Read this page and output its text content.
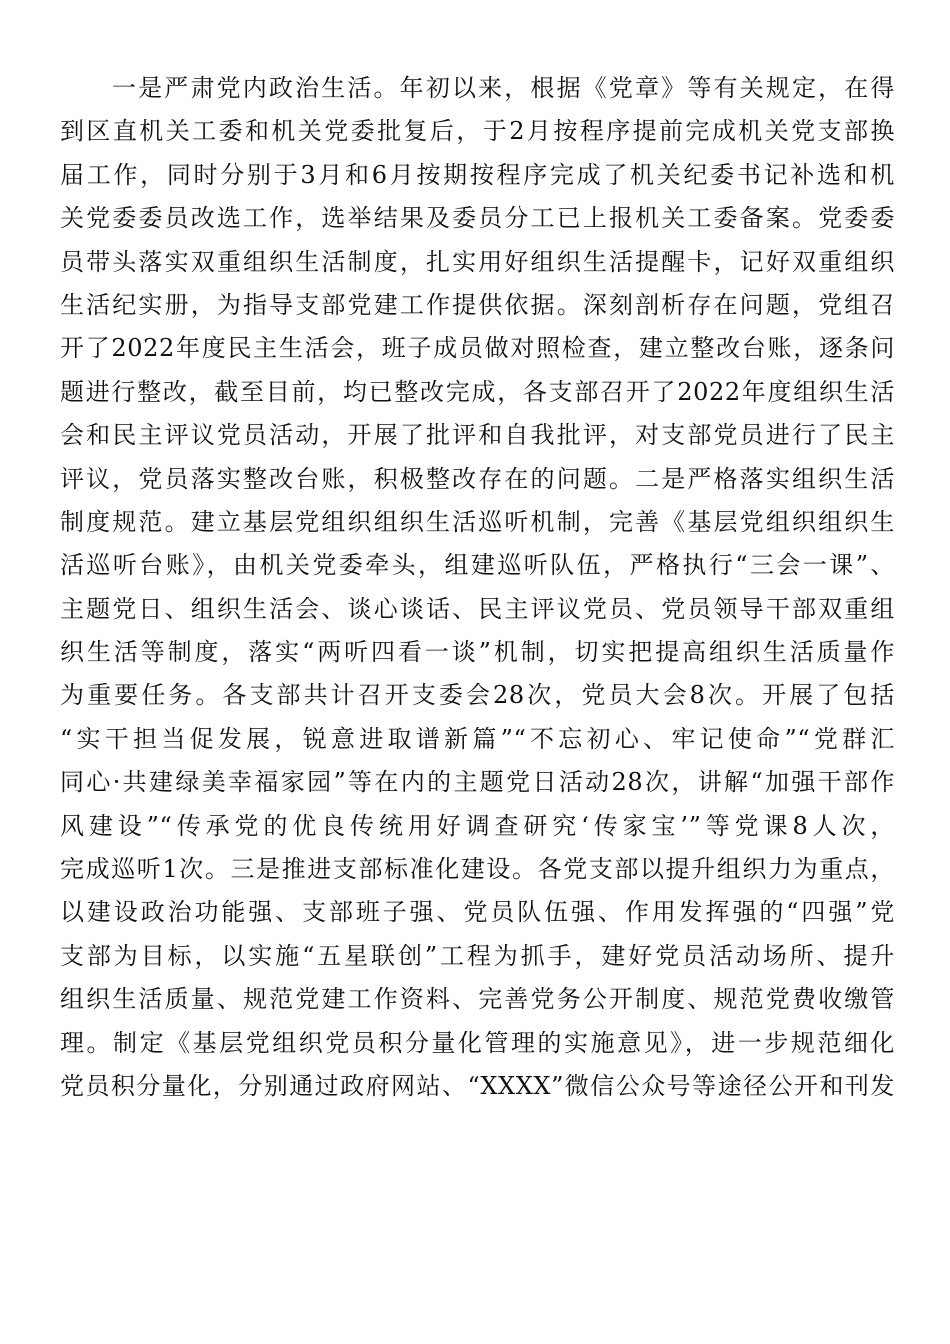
一是严肃党内政治生活。年初以来，根据《党章》等有关规定，在得
到区直机关工委和机关党委批复后，于2月按程序提前完成机关党支部换
届工作，同时分别于3月和6月按期按程序完成了机关纪委书记补选和机
关党委委员改选工作，选举结果及委员分工已上报机关工委备案。党委委
员带头落实双重组织生活制度，扎实用好组织生活提醒卡，记好双重组织
生活纪实册，为指导支部党建工作提供依据。深刻剖析存在问题，党组召
开了2022年度民主生活会，班子成员做对照检查，建立整改台账，逐条问
题进行整改，截至目前，均已整改完成，各支部召开了2022年度组织生活
会和民主评议党员活动，开展了批评和自我批评，对支部党员进行了民主
评议，党员落实整改台账，积极整改存在的问题。二是严格落实组织生活
制度规范。建立基层党组织组织生活巡听机制，完善《基层党组织组织生
活巡听台账》，由机关党委牵头，组建巡听队伍，严格执行“三会一课”、
主题党日、组织生活会、谈心谈话、民主评议党员、党员领导干部双重组
织生活等制度，落实“两听四看一谈”机制，切实把提高组织生活质量作
为重要任务。各支部共计召开支委会28次，党员大会8次。开展了包括
“实干担当促发展，锐意进取谱新篇”“不忘初心、牢记使命”“党群汇
同心·共建绿美幸福家园”等在内的主题党日活动28次，讲解“加强干部作
风建设”“传承党的优良传统用好调查研究‘传家宝’”等党课8人次，
完成巡听1次。三是推进支部标准化建设。各党支部以提升组织力为重点，
以建设政治功能强、支部班子强、党员队伍强、作用发挥强的“四强”党
支部为目标，以实施“五星联创”工程为抓手，建好党员活动场所、提升
组织生活质量、规范党建工作资料、完善党务公开制度、规范党费收缴管
理。制定《基层党组织党员积分量化管理的实施意见》，进一步规范细化
党员积分量化，分别通过政府网站、“XXXX”微信公众号等途径公开和刊发
